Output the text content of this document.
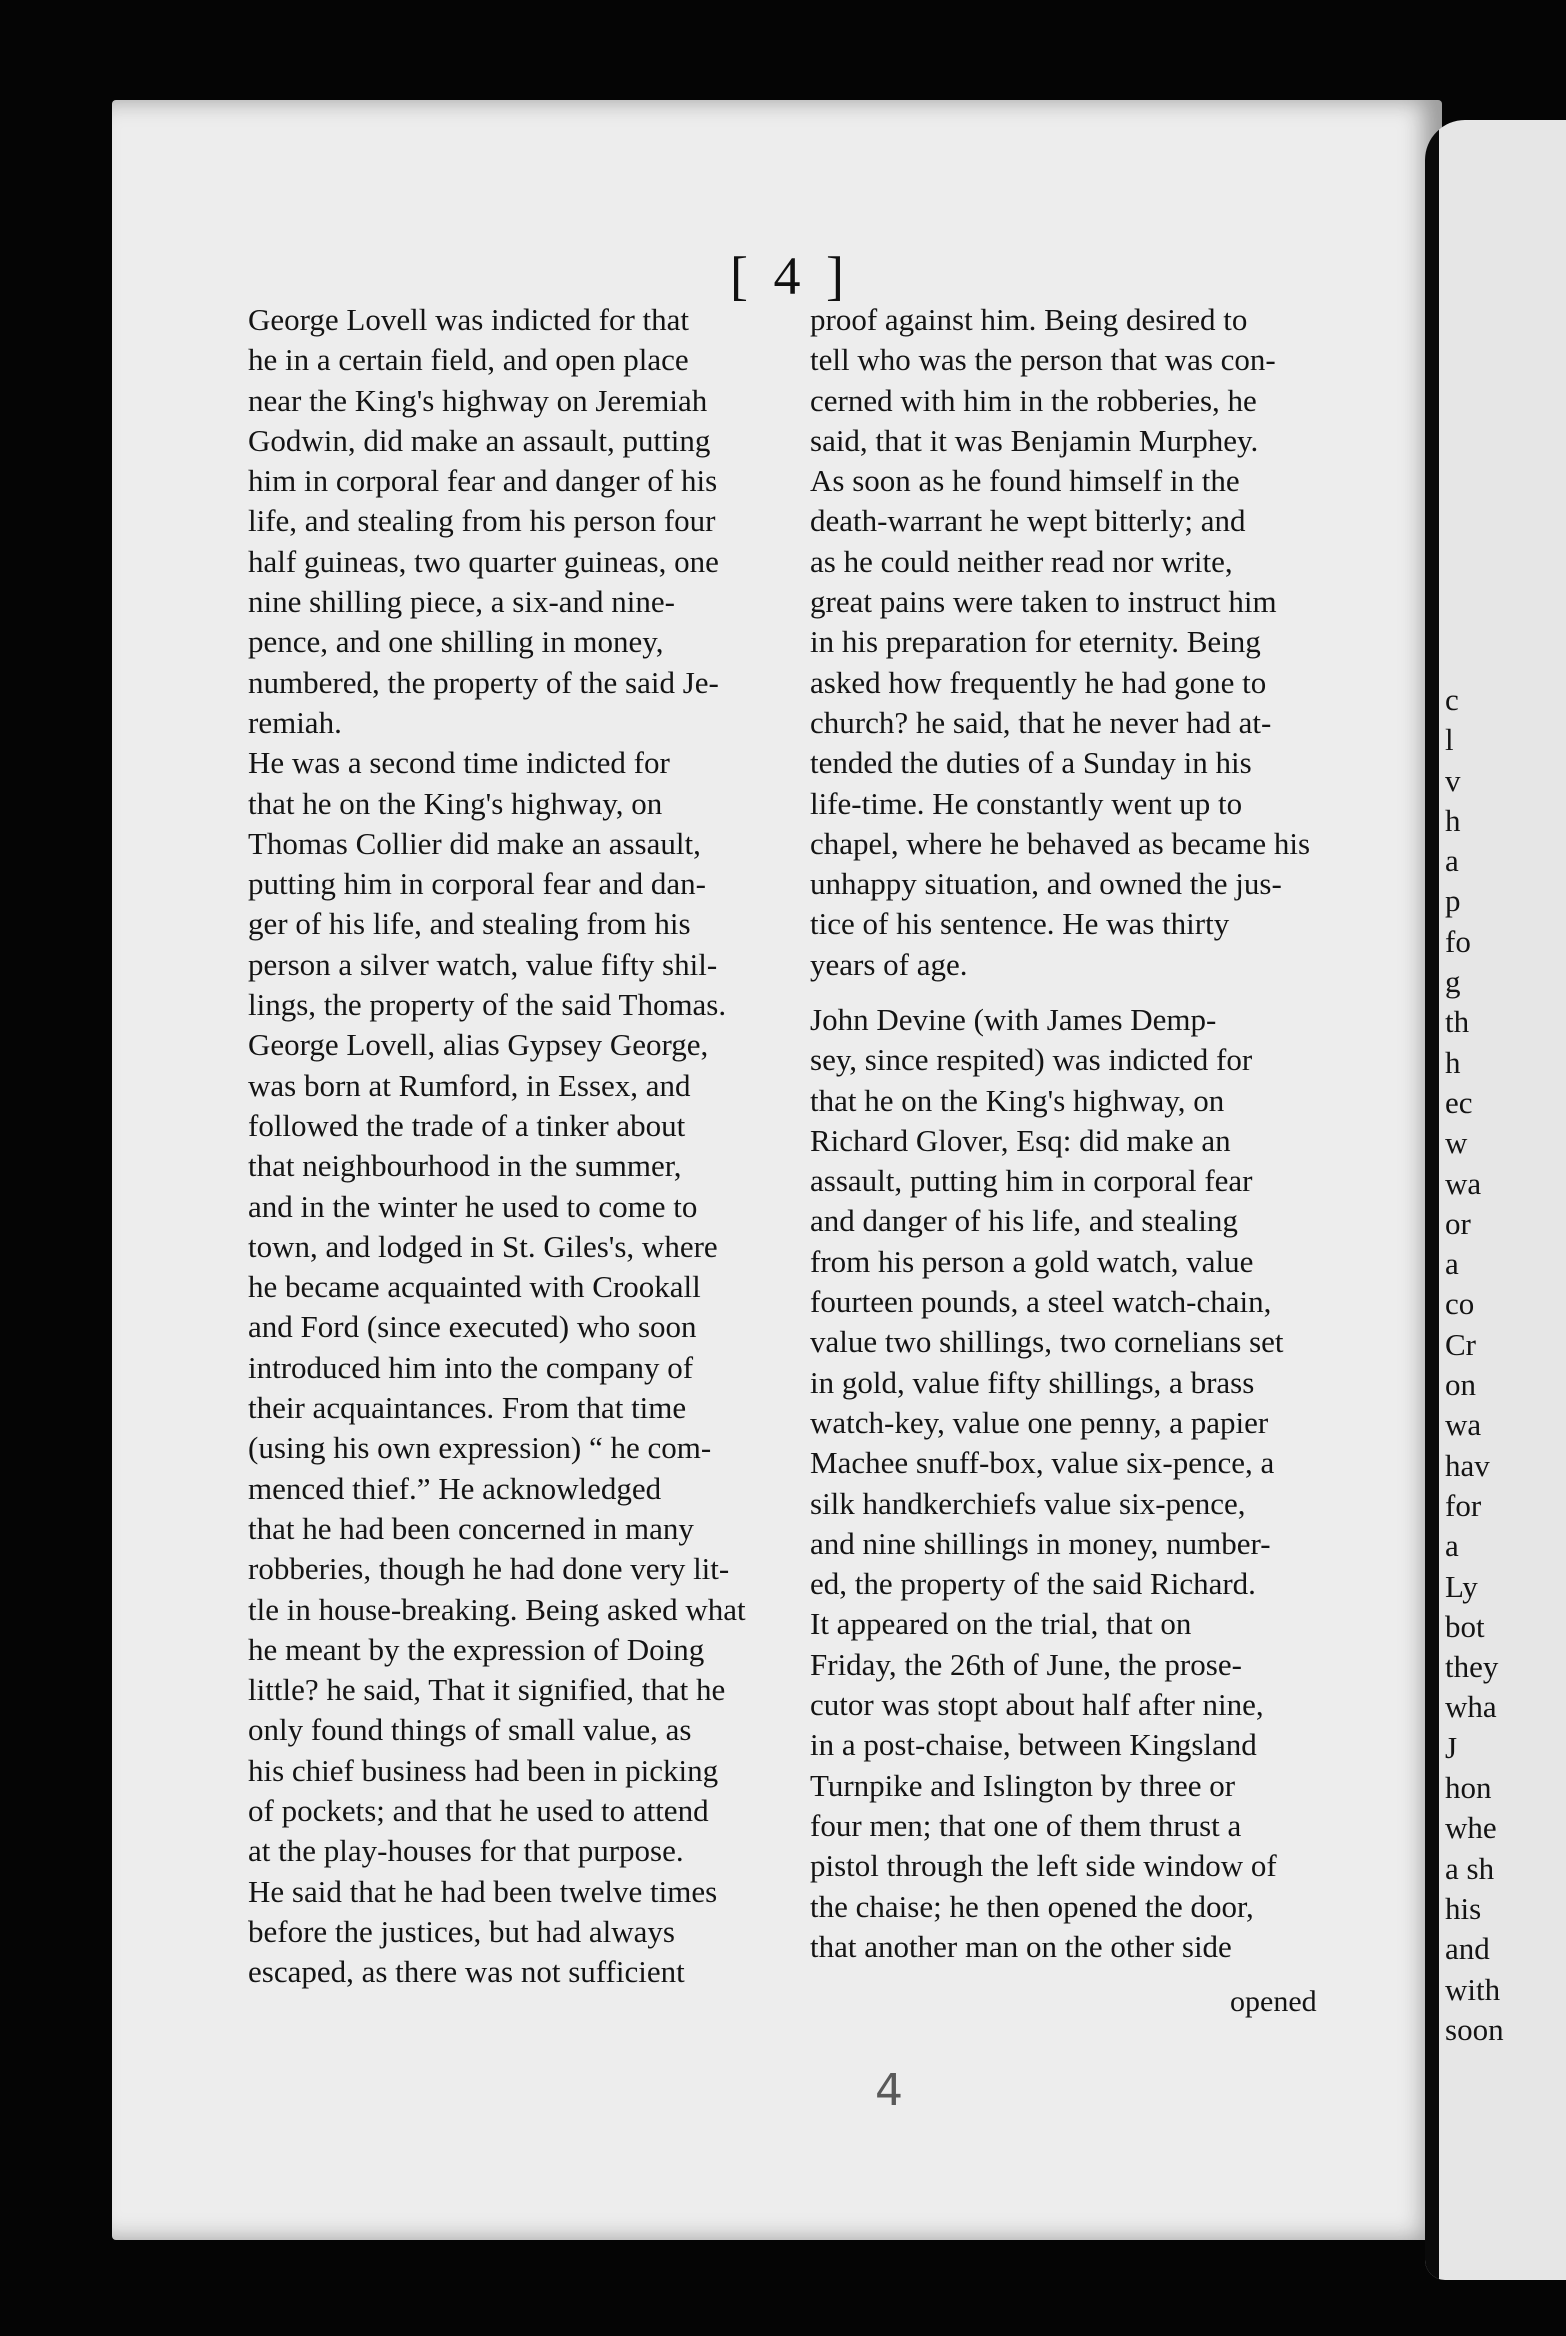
c
l
v
h
a
p
fo
g
th
h
ec
w
wa
or
a
co
Cr
on
wa
hav
for
a
Ly
bot
they
wha
J
hon
whe
a sh
his
and
with
soon
[ 4 ]
George Lovell was indicted for that
he in a certain field, and open place
near the King's highway on Jeremiah
Godwin, did make an assault, putting
him in corporal fear and danger of his
life, and stealing from his person four
half guineas, two quarter guineas, one
nine shilling piece, a six-and nine-
pence, and one shilling in money,
numbered, the property of the said Je-
remiah.
He was a second time indicted for
that he on the King's highway, on
Thomas Collier did make an assault,
putting him in corporal fear and dan-
ger of his life, and stealing from his
person a silver watch, value fifty shil-
lings, the property of the said Thomas.
George Lovell, alias Gypsey George,
was born at Rumford, in Essex, and
followed the trade of a tinker about
that neighbourhood in the summer,
and in the winter he used to come to
town, and lodged in St. Giles's, where
he became acquainted with Crookall
and Ford (since executed) who soon
introduced him into the company of
their acquaintances. From that time
(using his own expression) “ he com-
menced thief.” He acknowledged
that he had been concerned in many
robberies, though he had done very lit-
tle in house-breaking. Being asked what
he meant by the expression of Doing
little? he said, That it signified, that he
only found things of small value, as
his chief business had been in picking
of pockets; and that he used to attend
at the play-houses for that purpose.
He said that he had been twelve times
before the justices, but had always
escaped, as there was not sufficient
proof against him. Being desired to
tell who was the person that was con-
cerned with him in the robberies, he
said, that it was Benjamin Murphey.
As soon as he found himself in the
death-warrant he wept bitterly; and
as he could neither read nor write,
great pains were taken to instruct him
in his preparation for eternity. Being
asked how frequently he had gone to
church? he said, that he never had at-
tended the duties of a Sunday in his
life-time. He constantly went up to
chapel, where he behaved as became his
unhappy situation, and owned the jus-
tice of his sentence. He was thirty
years of age.
John Devine (with James Demp-
sey, since respited) was indicted for
that he on the King's highway, on
Richard Glover, Esq: did make an
assault, putting him in corporal fear
and danger of his life, and stealing
from his person a gold watch, value
fourteen pounds, a steel watch-chain,
value two shillings, two cornelians set
in gold, value fifty shillings, a brass
watch-key, value one penny, a papier
Machee snuff-box, value six-pence, a
silk handkerchiefs value six-pence,
and nine shillings in money, number-
ed, the property of the said Richard.
It appeared on the trial, that on
Friday, the 26th of June, the prose-
cutor was stopt about half after nine,
in a post-chaise, between Kingsland
Turnpike and Islington by three or
four men; that one of them thrust a
pistol through the left side window of
the chaise; he then opened the door,
that another man on the other side
opened
4
